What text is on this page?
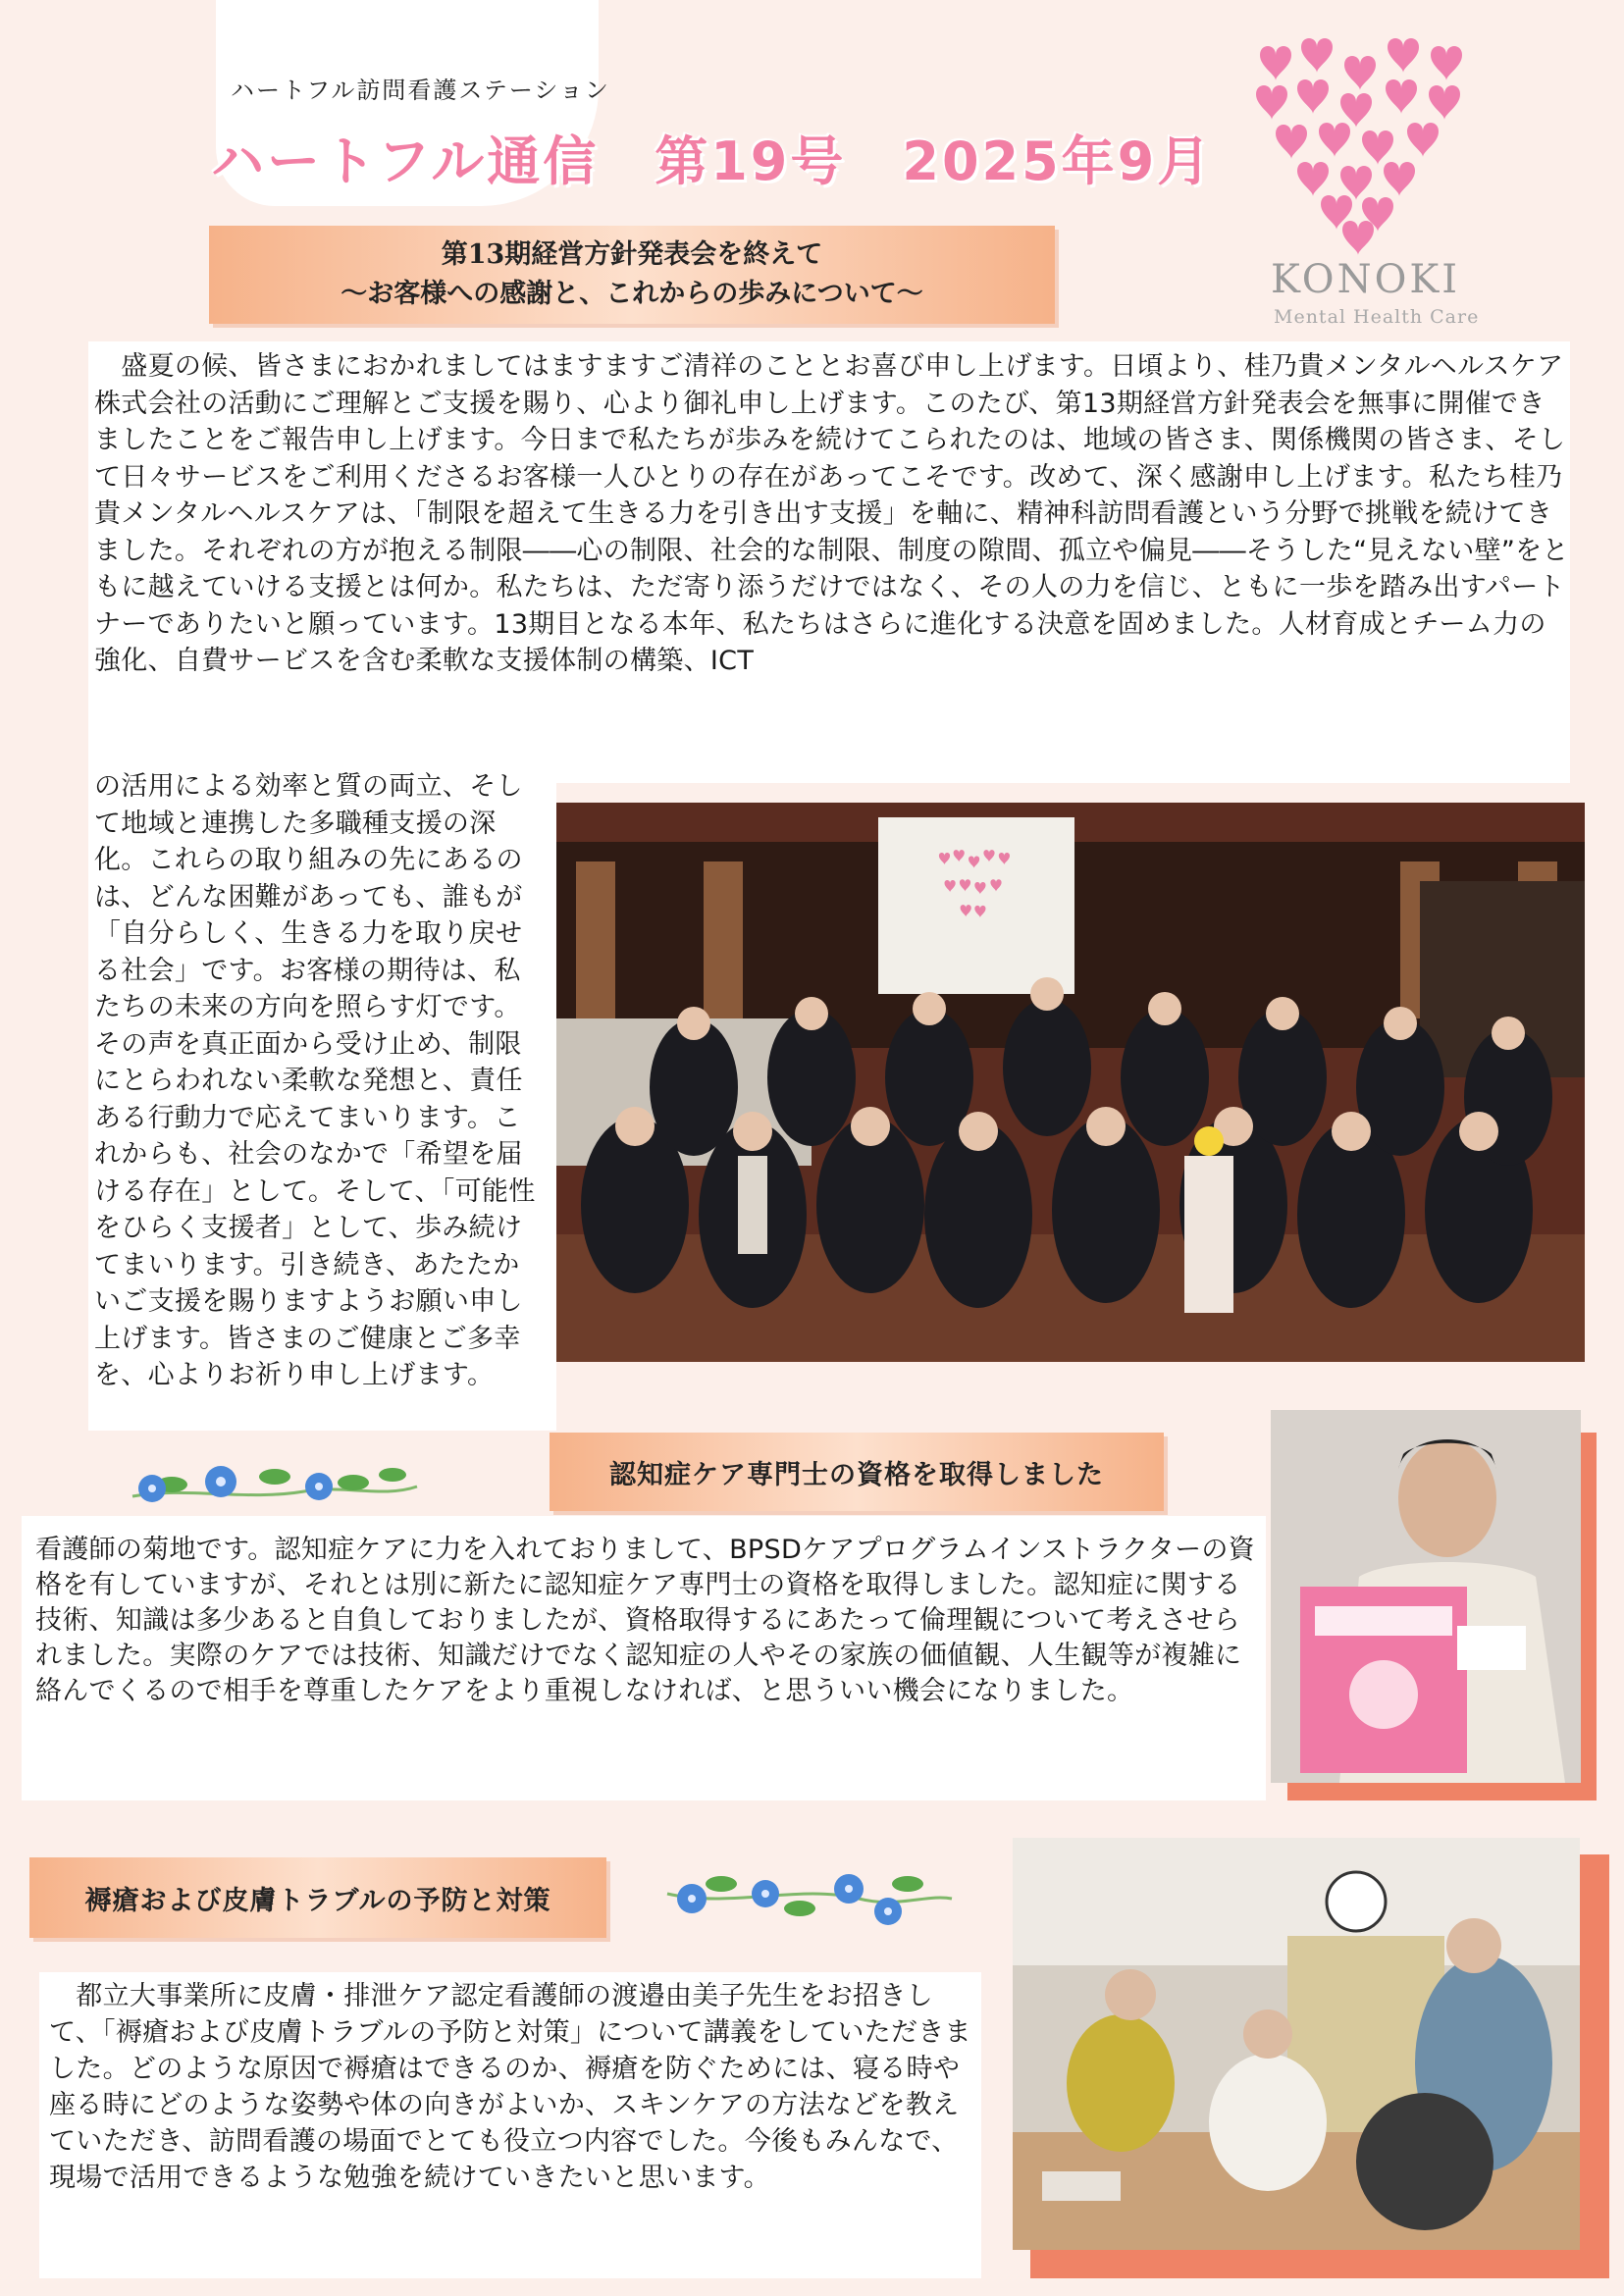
ハートフル訪問看護ステーション
ハートフル通信　第19号　2025年9月
KONOKI
Mental Health Care
第13期経営方針発表会を終えて
～お客様への感謝と、これからの歩みについて～
　盛夏の候、皆さまにおかれましてはますますご清祥のこととお喜び申し上げます。日頃より、桂乃貴メンタルヘルスケア株式会社の活動にご理解とご支援を賜り、心より御礼申し上げます。このたび、第13期経営方針発表会を無事に開催できましたことをご報告申し上げます。今日まで私たちが歩みを続けてこられたのは、地域の皆さま、関係機関の皆さま、そして日々サービスをご利用くださるお客様一人ひとりの存在があってこそです。改めて、深く感謝申し上げます。私たち桂乃貴メンタルヘルスケアは、「制限を超えて生きる力を引き出す支援」を軸に、精神科訪問看護という分野で挑戦を続けてきました。それぞれの方が抱える制限――心の制限、社会的な制限、制度の隙間、孤立や偏見――そうした“見えない壁”をともに越えていける支援とは何か。私たちは、ただ寄り添うだけではなく、その人の力を信じ、ともに一歩を踏み出すパートナーでありたいと願っています。13期目となる本年、私たちはさらに進化する決意を固めました。人材育成とチーム力の強化、自費サービスを含む柔軟な支援体制の構築、ICT
の活用による効率と質の両立、そして地域と連携した多職種支援の深化。これらの取り組みの先にあるのは、どんな困難があっても、誰もが「自分らしく、生きる力を取り戻せる社会」です。お客様の期待は、私たちの未来の方向を照らす灯です。その声を真正面から受け止め、制限にとらわれない柔軟な発想と、責任ある行動力で応えてまいります。これからも、社会のなかで「希望を届ける存在」として。そして、「可能性をひらく支援者」として、歩み続けてまいります。引き続き、あたたかいご支援を賜りますようお願い申し上げます。皆さまのご健康とご多幸を、心よりお祈り申し上げます。
認知症ケア専門士の資格を取得しました
看護師の菊地です。認知症ケアに力を入れておりまして、BPSDケアプログラムインストラクターの資格を有していますが、それとは別に新たに認知症ケア専門士の資格を取得しました。認知症に関する技術、知識は多少あると自負しておりましたが、資格取得するにあたって倫理観について考えさせられました。実際のケアでは技術、知識だけでなく認知症の人やその家族の価値観、人生観等が複雑に絡んでくるので相手を尊重したケアをより重視しなければ、と思ういい機会になりました。
褥瘡および皮膚トラブルの予防と対策
　都立大事業所に皮膚・排泄ケア認定看護師の渡邉由美子先生をお招きして、「褥瘡および皮膚トラブルの予防と対策」について講義をしていただきました。どのような原因で褥瘡はできるのか、褥瘡を防ぐためには、寝る時や座る時にどのような姿勢や体の向きがよいか、スキンケアの方法などを教えていただき、訪問看護の場面でとても役立つ内容でした。今後もみんなで、現場で活用できるような勉強を続けていきたいと思います。
